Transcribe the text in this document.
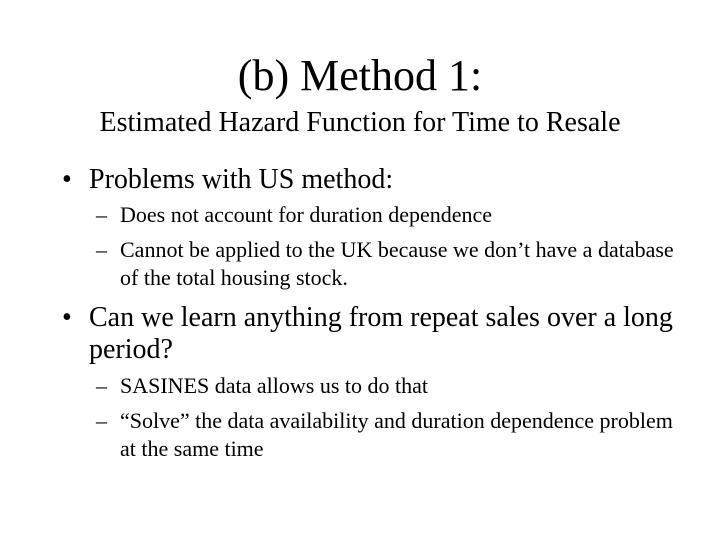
(b) Method 1:
Estimated Hazard Function for Time to Resale
• Problems with US method:
– Does not account for duration dependence
– Cannot be applied to the UK because we don’t have a database of the total housing stock.
• Can we learn anything from repeat sales over a long period?
– SASINES data allows us to do that
– “Solve” the data availability and duration dependence problem at the same time
